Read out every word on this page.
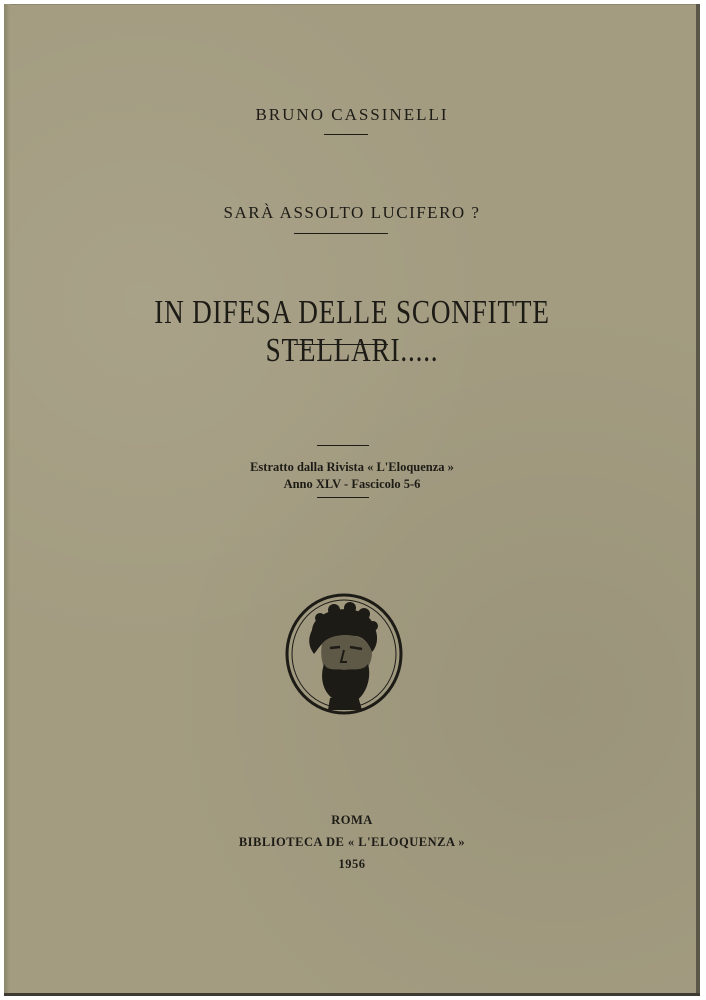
BRUNO CASSINELLI
SARÀ ASSOLTO LUCIFERO ?
IN DIFESA DELLE SCONFITTE STELLARI.....
Estratto dalla Rivista « L'Eloquenza »
Anno XLV - Fascicolo 5-6
ROMA
BIBLIOTECA DE « L'ELOQUENZA »
1956
